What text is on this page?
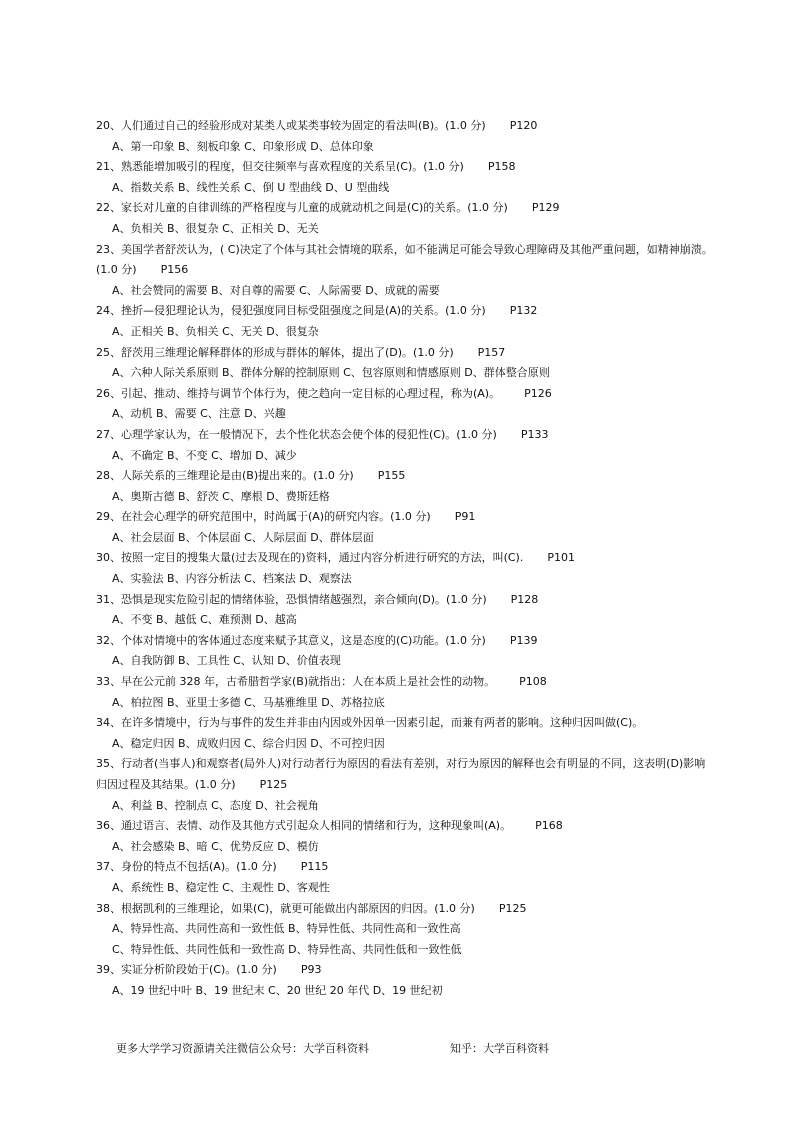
20、人们通过自己的经验形成对某类人或某类事较为固定的看法叫(B)。(1.0 分) P120
A、第一印象 B、刻板印象 C、印象形成 D、总体印象
21、熟悉能增加吸引的程度，但交往频率与喜欢程度的关系呈(C)。(1.0 分) P158
A、指数关系 B、线性关系 C、倒 U 型曲线 D、U 型曲线
22、家长对儿童的自律训练的严格程度与儿童的成就动机之间是(C)的关系。(1.0 分) P129
A、负相关 B、很复杂 C、正相关 D、无关
23、美国学者舒茨认为，( C)决定了个体与其社会情境的联系，如不能满足可能会导致心理障碍及其他严重问题，如精神崩溃。(1.0 分) P156
A、社会赞同的需要 B、对自尊的需要 C、人际需要 D、成就的需要
24、挫折—侵犯理论认为，侵犯强度同目标受阻强度之间是(A)的关系。(1.0 分) P132
A、正相关 B、负相关 C、无关 D、很复杂
25、舒茨用三维理论解释群体的形成与群体的解体，提出了(D)。(1.0 分) P157
A、六种人际关系原则 B、群体分解的控制原则 C、包容原则和情感原则 D、群体整合原则
26、引起、推动、维持与调节个体行为，使之趋向一定目标的心理过程，称为(A)。 P126
A、动机 B、需要 C、注意 D、兴趣
27、心理学家认为，在一般情况下，去个性化状态会使个体的侵犯性(C)。(1.0 分) P133
A、不确定 B、不变 C、增加 D、减少
28、人际关系的三维理论是由(B)提出来的。(1.0 分) P155
A、奥斯古德 B、舒茨 C、摩根 D、费斯廷格
29、在社会心理学的研究范围中，时尚属于(A)的研究内容。(1.0 分) P91
A、社会层面 B、个体层面 C、人际层面 D、群体层面
30、按照一定目的搜集大量(过去及现在的)资料，通过内容分析进行研究的方法，叫(C). P101
A、实验法 B、内容分析法 C、档案法 D、观察法
31、恐惧是现实危险引起的情绪体验，恐惧情绪越强烈，亲合倾向(D)。(1.0 分) P128
A、不变 B、越低 C、难预测 D、越高
32、个体对情境中的客体通过态度来赋予其意义，这是态度的(C)功能。(1.0 分) P139
A、自我防御 B、工具性 C、认知 D、价值表现
33、早在公元前 328 年，古希腊哲学家(B)就指出：人在本质上是社会性的动物。 P108
A、柏拉图 B、亚里士多德 C、马基雅维里 D、苏格拉底
34、在许多情境中，行为与事件的发生并非由内因或外因单一因素引起，而兼有两者的影响。这种归因叫做(C)。
A、稳定归因 B、成败归因 C、综合归因 D、不可控归因
35、行动者(当事人)和观察者(局外人)对行动者行为原因的看法有差别，对行为原因的解释也会有明显的不同，这表明(D)影响归因过程及其结果。(1.0 分) P125
A、利益 B、控制点 C、态度 D、社会视角
36、通过语言、表情、动作及其他方式引起众人相同的情绪和行为，这种现象叫(A)。 P168
A、社会感染 B、暗 C、优势反应 D、模仿
37、身份的特点不包括(A)。(1.0 分) P115
A、系统性 B、稳定性 C、主观性 D、客观性
38、根据凯利的三维理论，如果(C)，就更可能做出内部原因的归因。(1.0 分) P125
A、特异性高、共同性高和一致性低 B、特异性低、共同性高和一致性高
C、特异性低、共同性低和一致性高 D、特异性高、共同性低和一致性低
39、实证分析阶段始于(C)。(1.0 分) P93
A、19 世纪中叶 B、19 世纪末 C、20 世纪 20 年代 D、19 世纪初
更多大学学习资源请关注微信公众号：大学百科资料	知乎：大学百科资料
